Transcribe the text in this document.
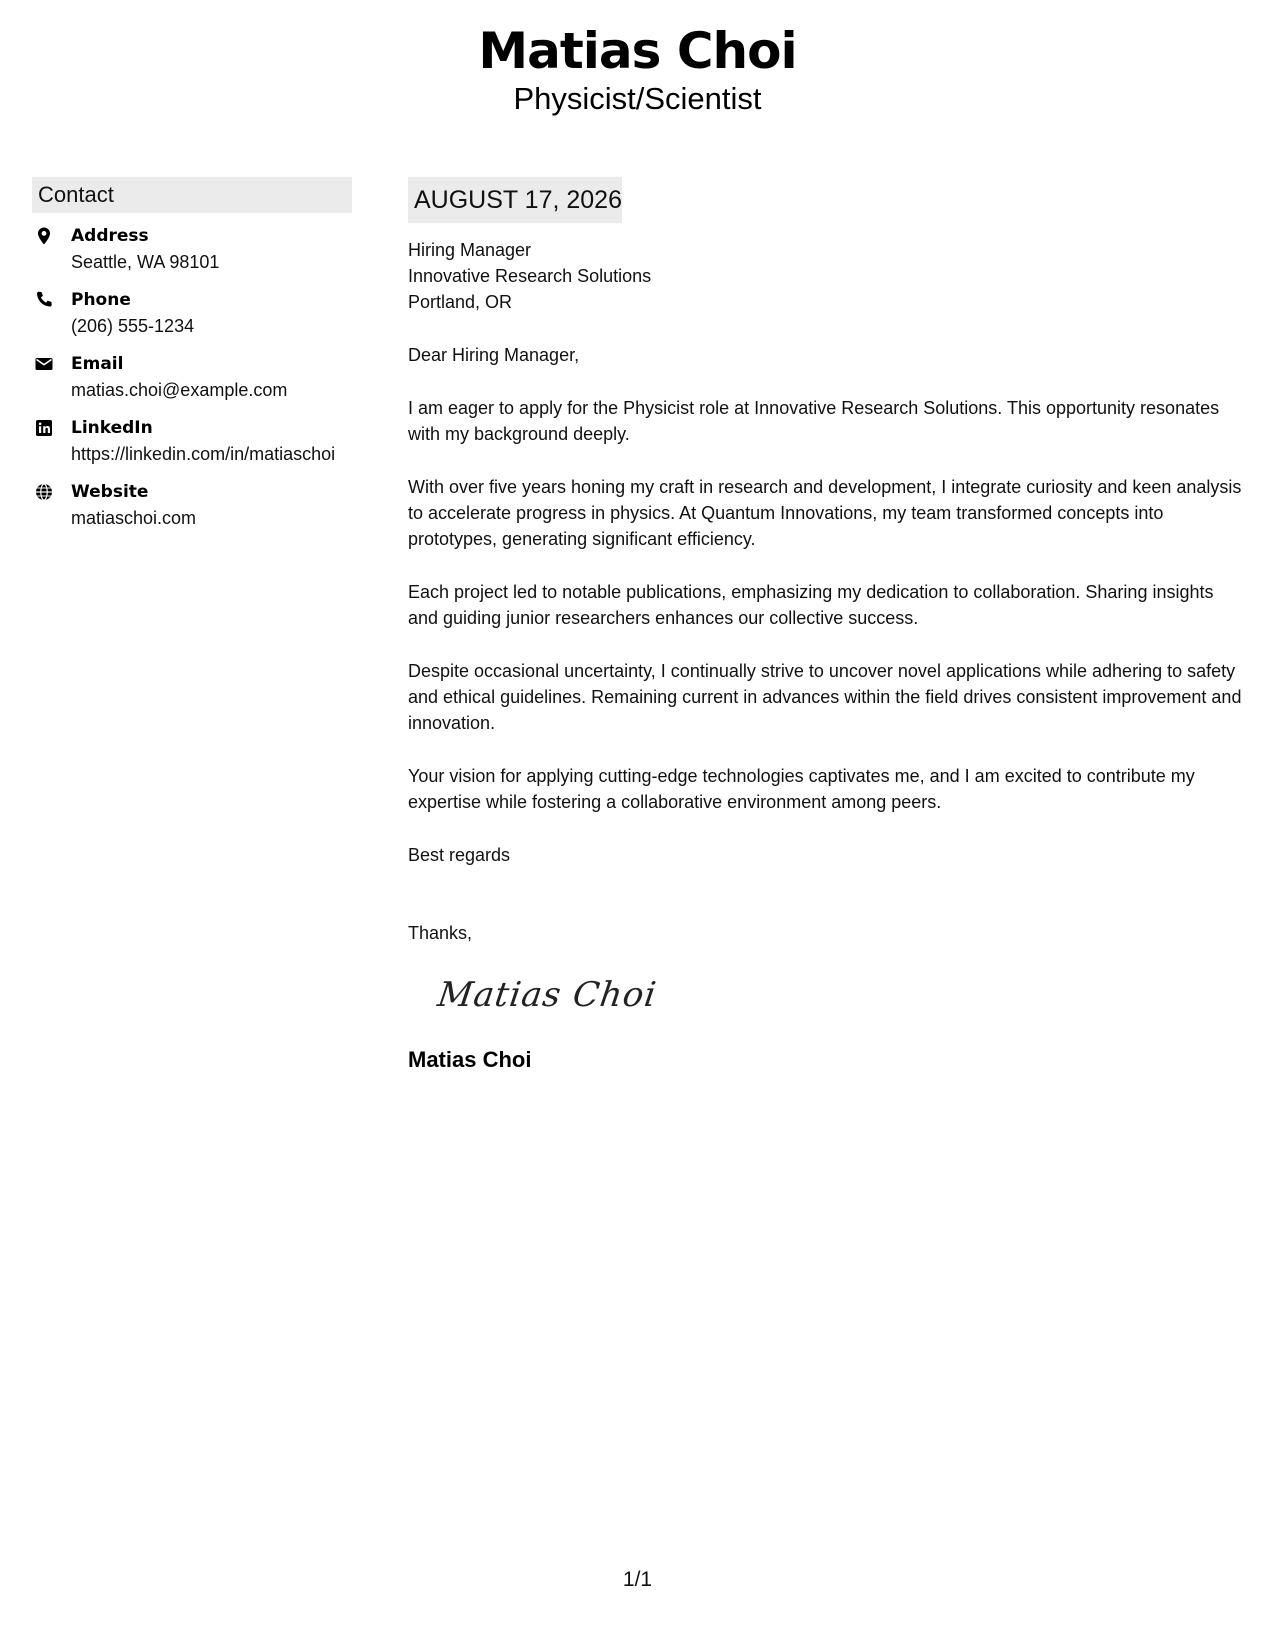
Matias Choi
Physicist/Scientist
Contact
Address
Seattle, WA 98101
Phone
(206) 555-1234
Email
matias.choi@example.com
LinkedIn
https://linkedin.com/in/matiaschoi
Website
matiaschoi.com
AUGUST 17, 2026
Hiring Manager
Innovative Research Solutions
Portland, OR
Dear Hiring Manager,
I am eager to apply for the Physicist role at Innovative Research Solutions. This opportunity resonates with my background deeply.
With over five years honing my craft in research and development, I integrate curiosity and keen analysis to accelerate progress in physics. At Quantum Innovations, my team transformed concepts into prototypes, generating significant efficiency.
Each project led to notable publications, emphasizing my dedication to collaboration. Sharing insights and guiding junior researchers enhances our collective success.
Despite occasional uncertainty, I continually strive to uncover novel applications while adhering to safety and ethical guidelines. Remaining current in advances within the field drives consistent improvement and innovation.
Your vision for applying cutting-edge technologies captivates me, and I am excited to contribute my expertise while fostering a collaborative environment among peers.
Best regards
Thanks,
Matias Choi
Matias Choi
1/1
